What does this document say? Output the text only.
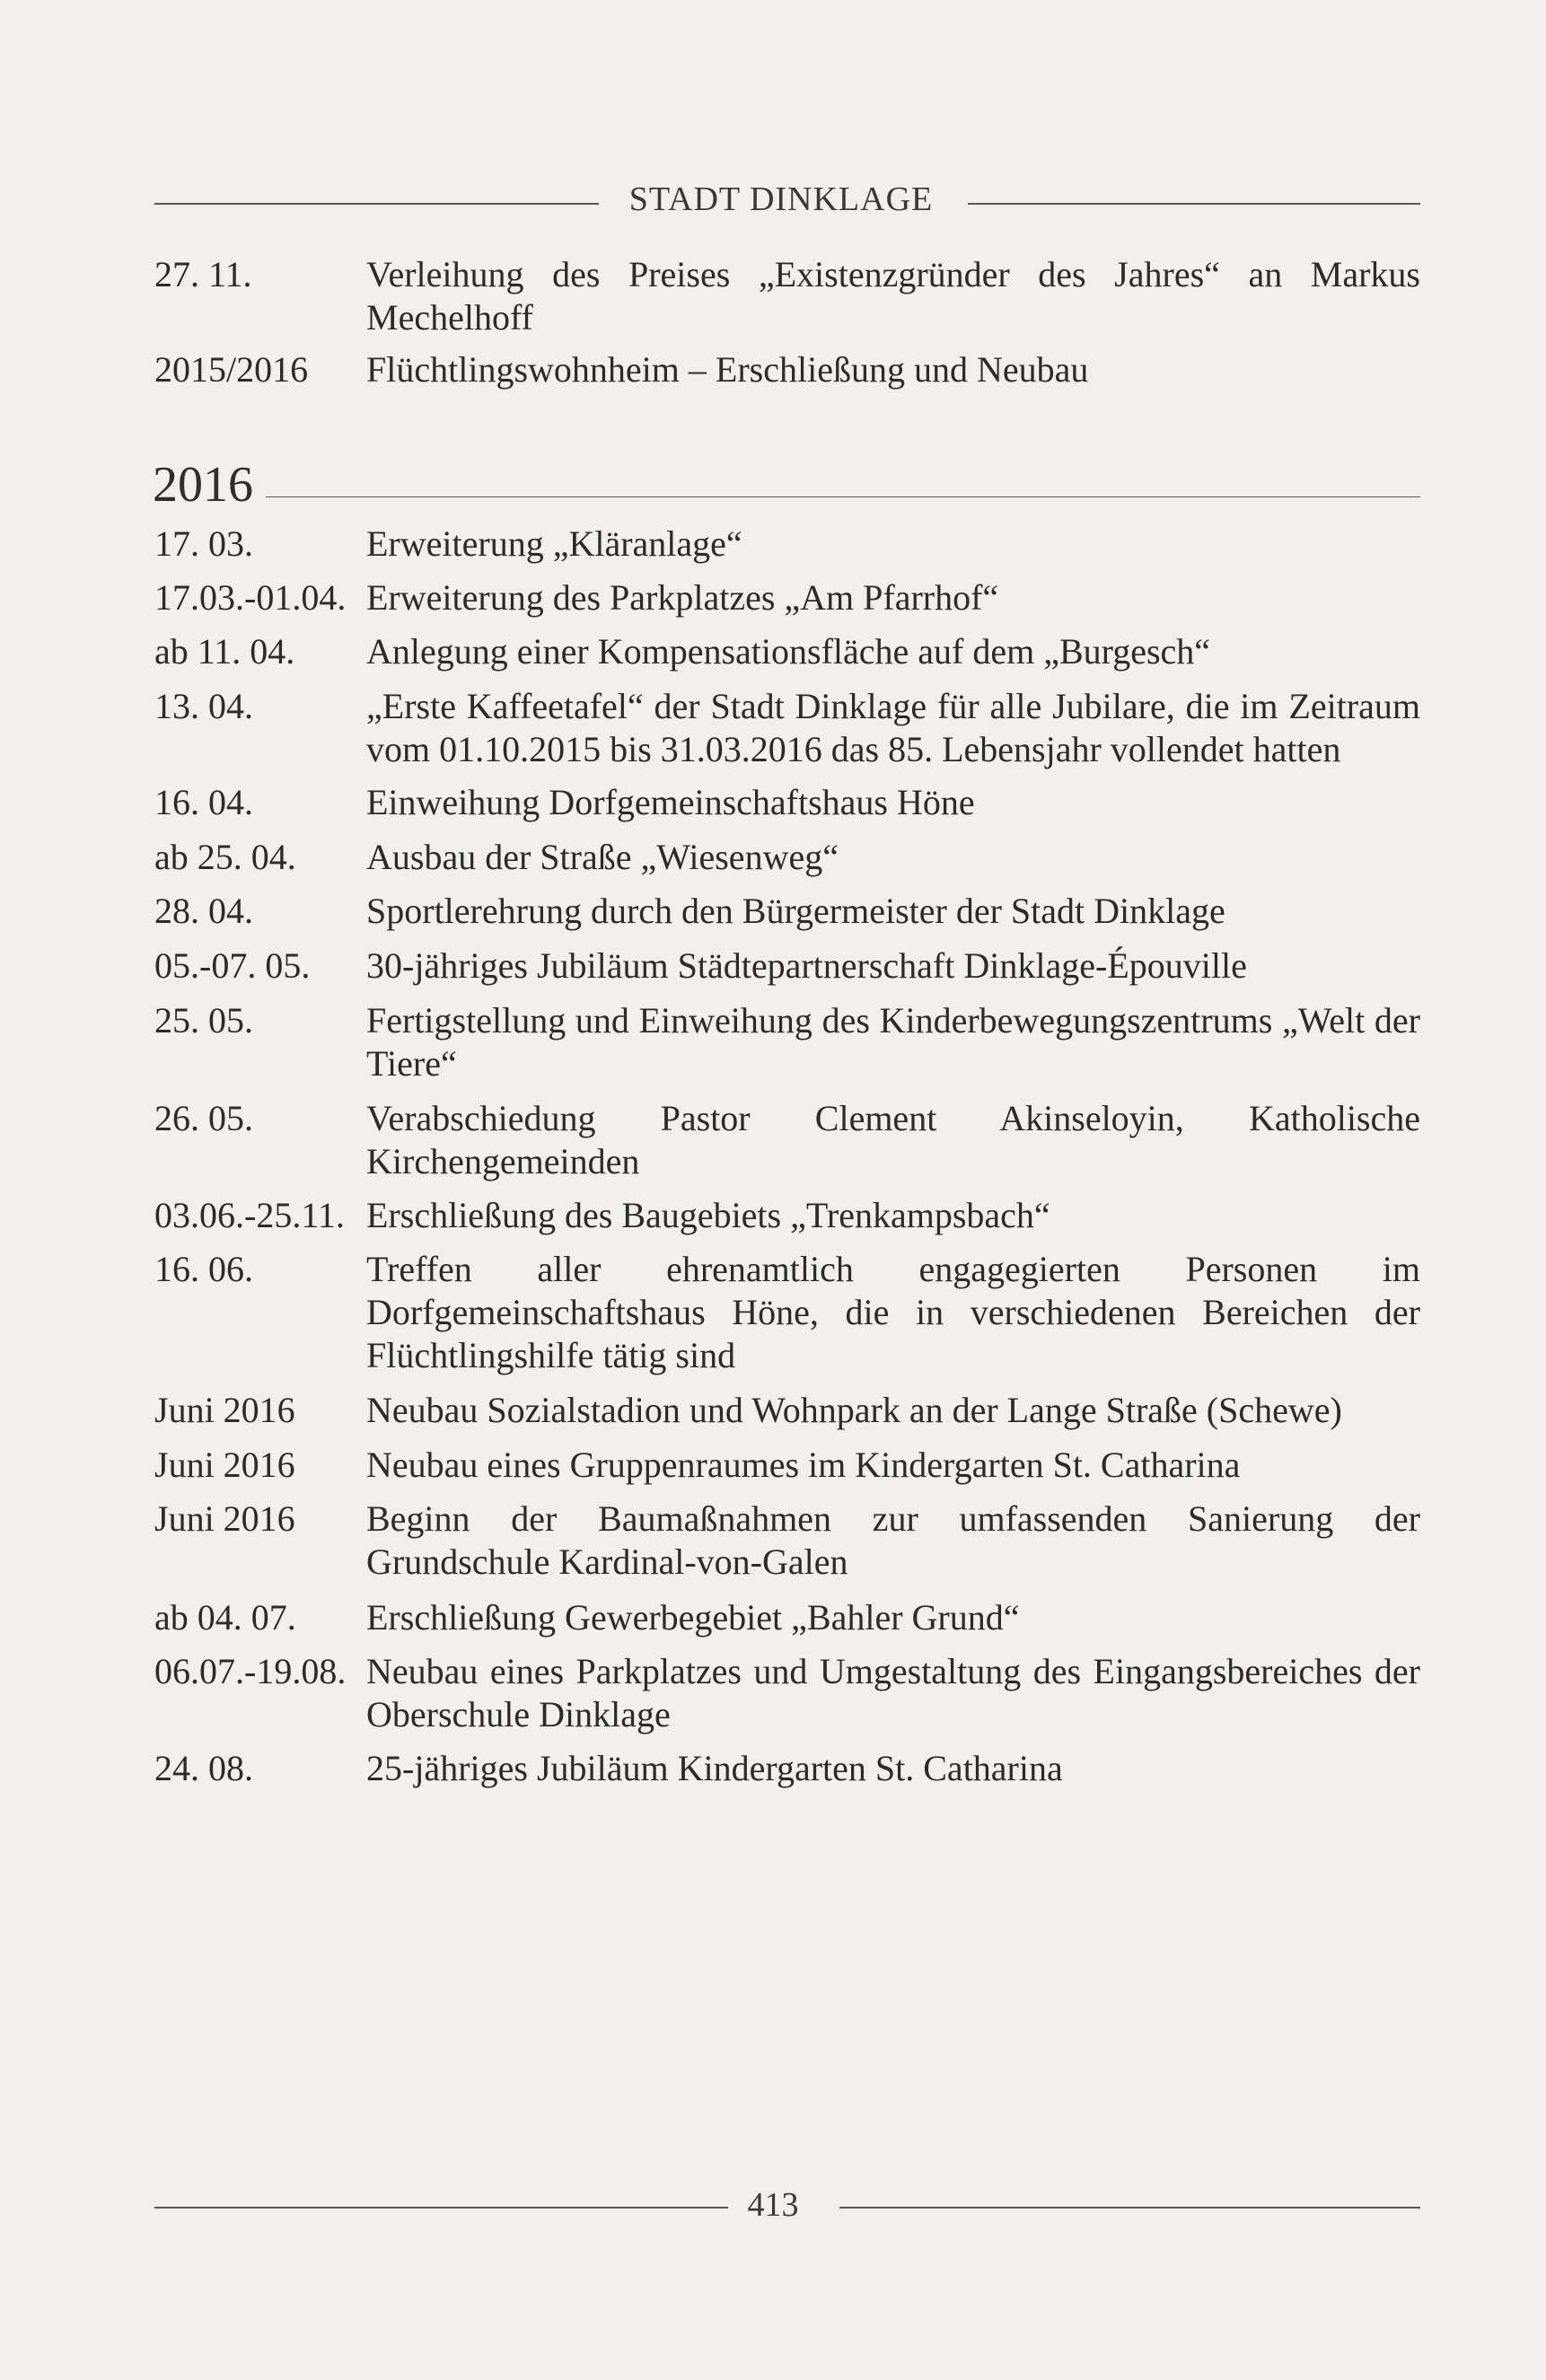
STADT DINKLAGE
27. 11.	Verleihung des Preises „Existenzgründer des Jahres“ an Markus Mechelhoff
2015/2016 Flüchtlingswohnheim – Erschließung und Neubau
2016
17. 03.	Erweiterung „Kläranlage“
17.03.-01.04. Erweiterung des Parkplatzes „Am Pfarrhof“
ab 11. 04. Anlegung einer Kompensationsfläche auf dem „Burgesch“
13. 04.	„Erste Kaffeetafel“ der Stadt Dinklage für alle Jubilare, die im Zeitraum vom 01.10.2015 bis 31.03.2016 das 85. Lebensjahr vollendet hatten
16. 04.	Einweihung Dorfgemeinschaftshaus Höne
ab 25. 04. Ausbau der Straße „Wiesenweg“
28. 04.	Sportlerehrung durch den Bürgermeister der Stadt Dinklage
05.-07. 05. 30-jähriges Jubiläum Städtepartnerschaft Dinklage-Épouville
25. 05.	Fertigstellung und Einweihung des Kinderbewegungszentrums „Welt der Tiere“
26. 05.	Verabschiedung Pastor Clement Akinseloyin, Katholische Kirchengemeinden
03.06.-25.11. Erschließung des Baugebiets „Trenkampsbach“
16. 06.	Treffen aller ehrenamtlich engagegierten Personen im Dorfgemeinschaftshaus Höne, die in verschiedenen Bereichen der Flüchtlingshilfe tätig sind
Juni 2016 Neubau Sozialstadion und Wohnpark an der Lange Straße (Schewe)
Juni 2016 Neubau eines Gruppenraumes im Kindergarten St. Catharina
Juni 2016 Beginn der Baumaßnahmen zur umfassenden Sanierung der Grundschule Kardinal-von-Galen
ab 04. 07. Erschließung Gewerbegebiet „Bahler Grund“
06.07.-19.08. Neubau eines Parkplatzes und Umgestaltung des Eingangsbereiches der Oberschule Dinklage
24. 08.	25-jähriges Jubiläum Kindergarten St. Catharina
413
